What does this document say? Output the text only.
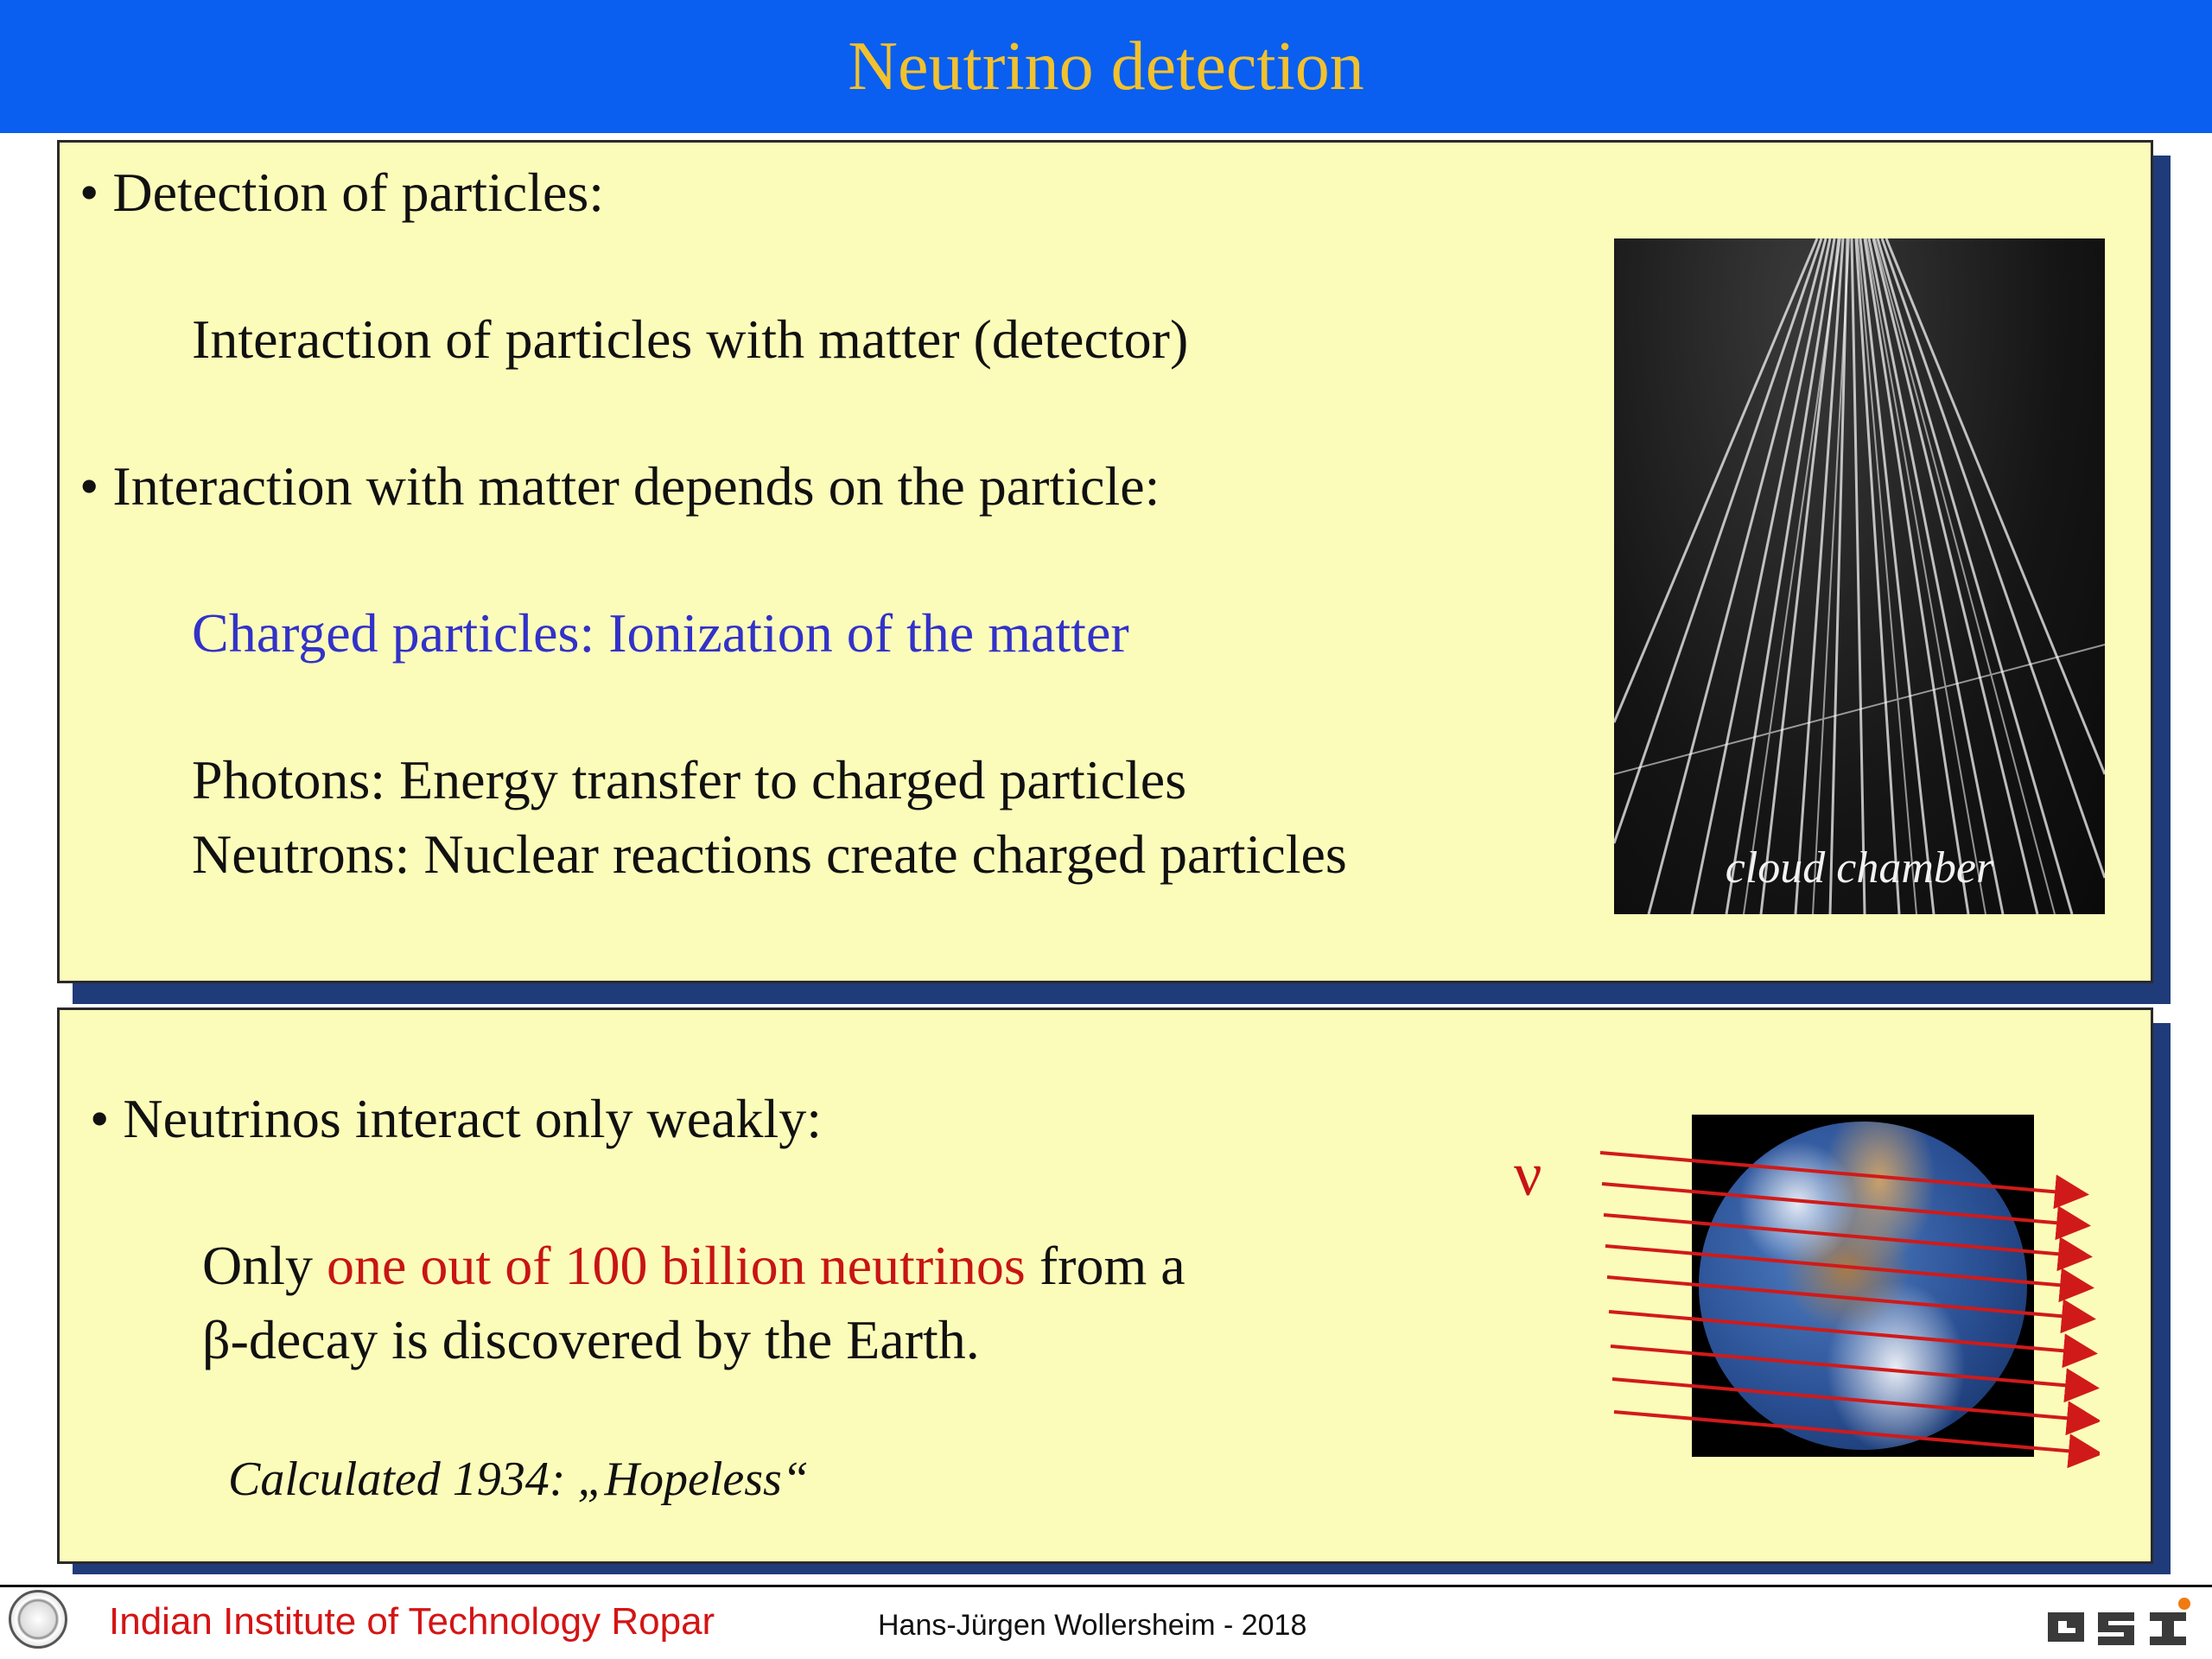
Neutrino detection
• Detection of particles:
Interaction of particles with matter (detector)
• Interaction with matter depends on the particle:
Charged particles: Ionization of the matter
Photons: Energy transfer to charged particles
Neutrons: Nuclear reactions create charged particles	cloud chamber
• Neutrinos interact only weakly:
Only one out of 100 billion neutrinos from a
β-decay is discovered by the Earth.
Calculated 1934: „Hopeless“
ν
Indian Institute of Technology Ropar	Hans-Jürgen Wollersheim - 2018
